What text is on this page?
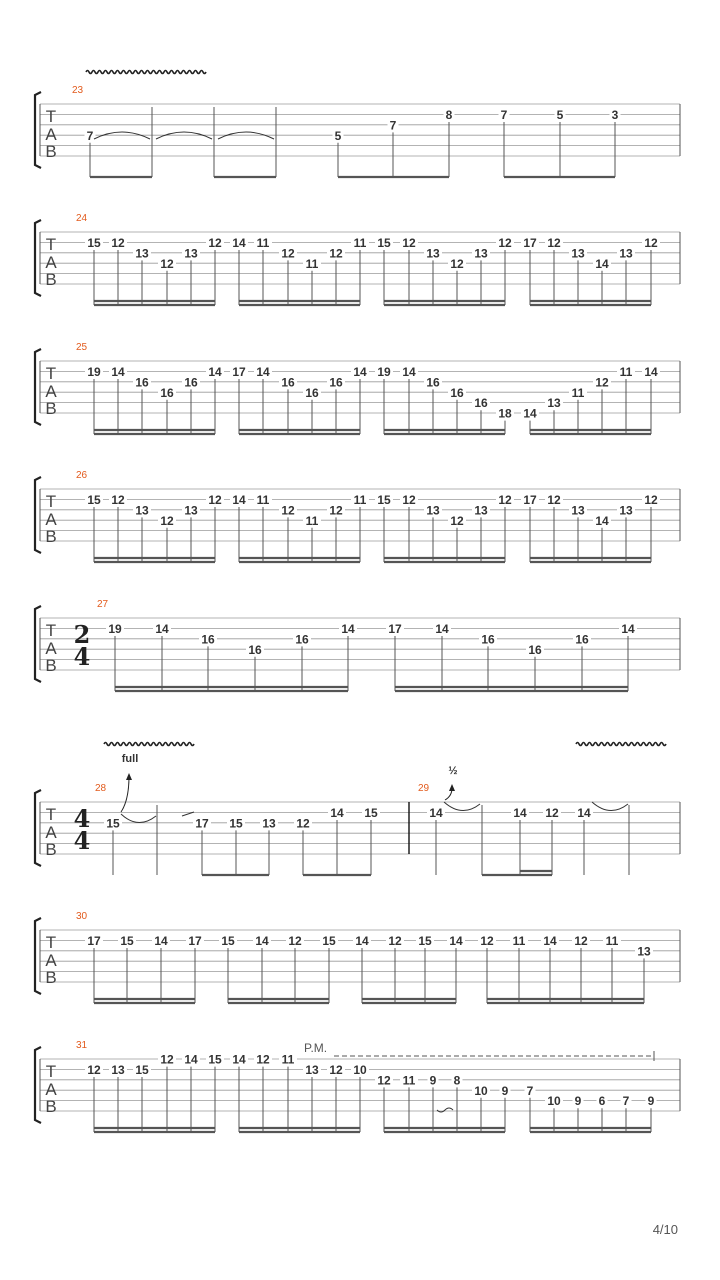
T
A
B
23
7	5
7
8	7	5	3
T
A
B
24
15 12
13
12
13
12 14 11
12
11
12
11 15 12
13
12
13
12 17 12
13
14
13
12
T
A
B
25
19 14
16
16
16
14 17 14
16
16
16
14 19 14
16
16
16
18 14
13
11
12
11 14
T
A
B
26
15 12
13
12
13
12 14 11
12
11
12
11 15 12
13
12
13
12 17 12
13
14
13
12
T
A
B
2
4
27
19	14
16
16
16
14	17	14
16
16
16
14
T
A
B
4
4
28
15	17 15 13 12
14 15
29
14	14 12 14
T
A
B
30
17 15 14 17 15 14 12 15 14 12 15 14 12 11 14 12 11
13
T
A
B
31
12 13 15
12 14 15 14 12 11
13 12 10
12 11 9 8
10 9 7
10 9 6 7 9
full
½
P.M.
4/10
